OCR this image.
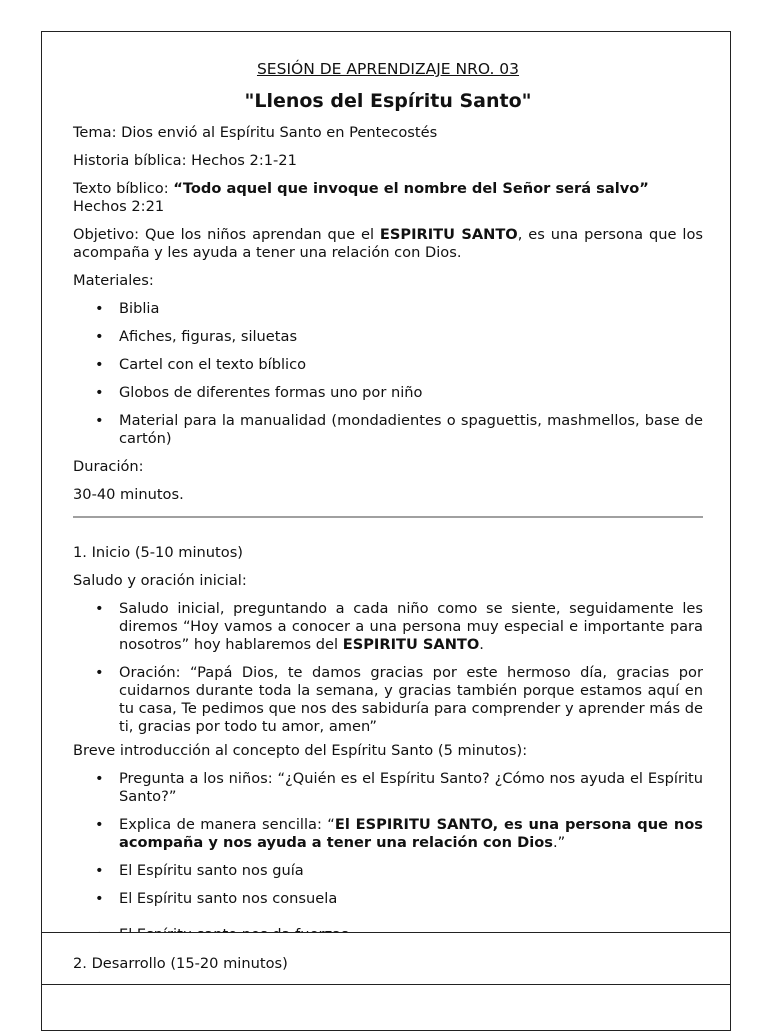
SESIÓN DE APRENDIZAJE NRO. 03
"Llenos del Espíritu Santo"

Tema: Dios envió al Espíritu Santo en Pentecostés

Historia bíblica: Hechos 2:1-21

Texto bíblico: “Todo aquel que invoque el nombre del Señor será salvo”
Hechos 2:21

Objetivo: Que los niños aprendan que el ESPIRITU SANTO, es una persona que los acompaña y les ayuda a tener una relación con Dios.

Materiales:

• Biblia
• Afiches, figuras, siluetas
• Cartel con el texto bíblico
• Globos de diferentes formas uno por niño
• Material para la manualidad (mondadientes o spaguettis, mashmellos, base de cartón)

Duración:

30-40 minutos.

1. Inicio (5-10 minutos)

Saludo y oración inicial:

• Saludo inicial, preguntando a cada niño como se siente, seguidamente les diremos “Hoy vamos a conocer a una persona muy especial e importante para nosotros” hoy hablaremos del ESPIRITU SANTO.
• Oración: “Papá Dios, te damos gracias por este hermoso día, gracias por cuidarnos durante toda la semana, y gracias también porque estamos aquí en tu casa, Te pedimos que nos des sabiduría para comprender y aprender más de ti, gracias por todo tu amor, amen”

Breve introducción al concepto del Espíritu Santo (5 minutos):

• Pregunta a los niños: “¿Quién es el Espíritu Santo? ¿Cómo nos ayuda el Espíritu Santo?”
• Explica de manera sencilla: “El ESPIRITU SANTO, es una persona que nos acompaña y nos ayuda a tener una relación con Dios.”
• El Espíritu santo nos guía
• El Espíritu santo nos consuela
2. Desarrollo (15-20 minutos)
